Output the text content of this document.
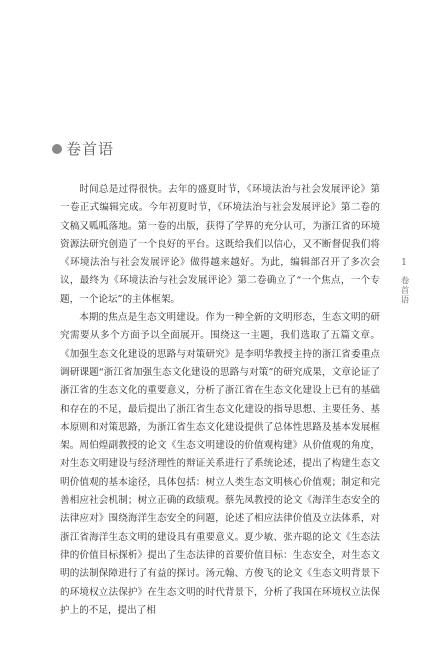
卷首语

时间总是过得很快。去年的盛夏时节，《环境法治与社会发展评论》第一卷正式编辑完成。今年初夏时节，《环境法治与社会发展评论》第二卷的文稿又呱呱落地。第一卷的出版，获得了学界的充分认可，为浙江省的环境资源法研究创造了一个良好的平台。这既给我们以信心，又不断督促我们将《环境法治与社会发展评论》做得越来越好。为此，编辑部召开了多次会议，最终为《环境法治与社会发展评论》第二卷确立了“一个焦点，一个专题，一个论坛”的主体框架。

本期的焦点是生态文明建设。作为一种全新的文明形态，生态文明的研究需要从多个方面予以全面展开。围绕这一主题，我们选取了五篇文章。《加强生态文化建设的思路与对策研究》是李明华教授主持的浙江省委重点调研课题“浙江省加强生态文化建设的思路与对策”的研究成果，文章论证了浙江省的生态文化的重要意义，分析了浙江省在生态文化建设上已有的基础和存在的不足，最后提出了浙江省生态文化建设的指导思想、主要任务、基本原则和对策思路，为浙江省生态文化建设提供了总体性思路及基本发展框架。周伯煌副教授的论文《生态文明建设的价值观构建》从价值观的角度，对生态文明建设与经济理性的辩证关系进行了系统论述，提出了构建生态文明价值观的基本途径，具体包括：树立人类生态文明核心价值观；制定和完善相应社会机制；树立正确的政绩观。蔡先凤教授的论文《海洋生态安全的法律应对》围绕海洋生态安全的问题，论述了相应法律价值及立法体系，对浙江省海洋生态文明的建设具有重要意义。夏少敏、张卉聪的论文《生态法律的价值目标探析》提出了生态法律的首要价值目标：生态安全，对生态文明的法制保障进行了有益的探讨。汤元翰、方俊飞的论文《生态文明背景下的环境权立法保护》在生态文明的时代背景下，分析了我国在环境权立法保护上的不足，提出了相

1
卷首语
